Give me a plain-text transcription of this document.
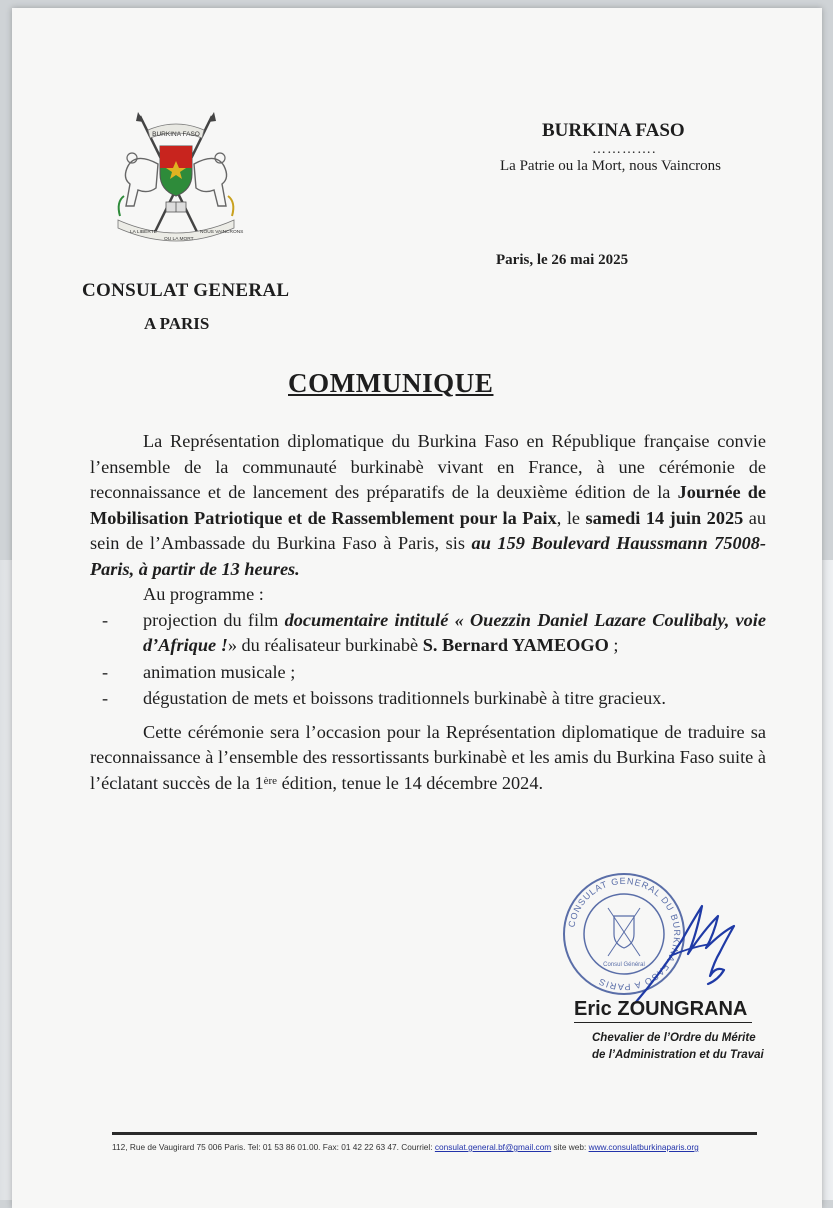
BURKINA FASO
LA LIBERTE
OU LA MORT
NOUS VAINCRONS
BURKINA FASO
………….
La Patrie ou la Mort, nous Vaincrons
Paris, le 26 mai 2025
CONSULAT GENERAL
A PARIS
COMMUNIQUE

La Représentation diplomatique du Burkina Faso en République française convie l’ensemble de la communauté burkinabè vivant en France, à une cérémonie de reconnaissance et de lancement des préparatifs de la deuxième édition de la Journée de Mobilisation Patriotique et de Rassemblement pour la Paix, le samedi 14 juin 2025 au sein de l’Ambassade du Burkina Faso à Paris, sis au 159 Boulevard Haussmann 75008-Paris, à partir de 13 heures.

Au programme :

- projection du film documentaire intitulé « Ouezzin Daniel Lazare Coulibaly, voie d’Afrique !» du réalisateur burkinabè S. Bernard YAMEOGO ;
- animation musicale ;
- dégustation de mets et boissons traditionnels burkinabè à titre gracieux.

Cette cérémonie sera l’occasion pour la Représentation diplomatique de traduire sa reconnaissance à l’ensemble des ressortissants burkinabè et les amis du Burkina Faso suite à l’éclatant succès de la 1ère édition, tenue le 14 décembre 2024.

CONSULAT GENERAL DU BURKINA FASO A PARIS
Consul Général
Eric ZOUNGRANA
Chevalier de l’Ordre du Mérite
de l’Administration et du Travai
112, Rue de Vaugirard 75 006 Paris. Tel: 01 53 86 01.00. Fax: 01 42 22 63 47. Courriel: consulat.general.bf@gmail.com site web: www.consulatburkinaparis.org
